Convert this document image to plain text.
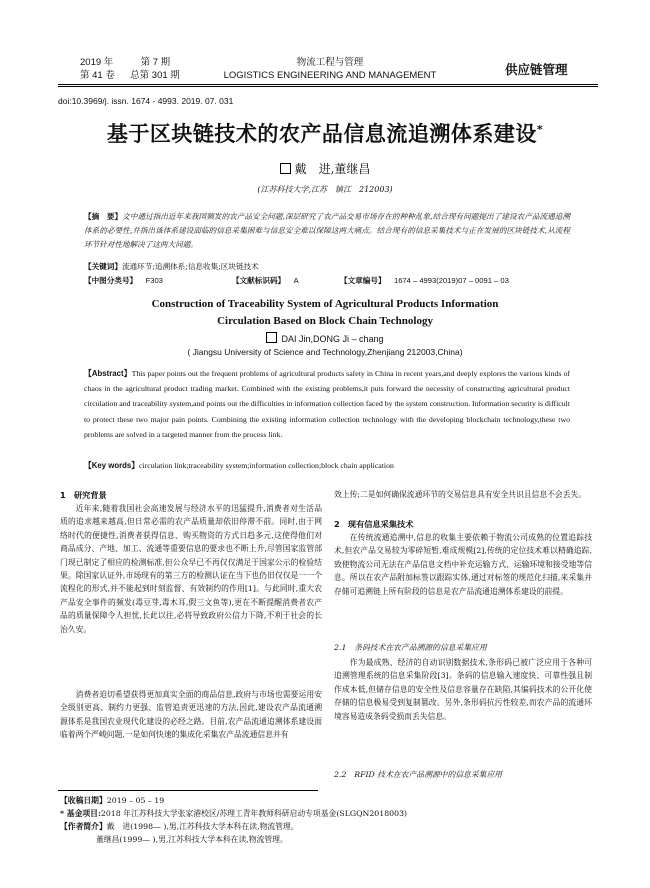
2019 年	第 7 期
第 41 卷 总第 301 期
物流工程与管理
LOGISTICS ENGINEERING AND MANAGEMENT	供应链管理
doi:10.3969/j. issn. 1674 - 4993. 2019. 07. 031
基于区块链技术的农产品信息流追溯体系建设*
戴　进,董继昌
(江苏科技大学,江苏　镇江　212003)
【摘　要】文中通过指出近年来我国频发的农产品安全问题,深层研究了农产品交易市场存在的种种乱象,结合现有问题提出了建设农产品流通追溯体系的必要性,并指出该体系建设面临的信息采集困难与信息安全难以保障这两大痛点。结合现有的信息采集技术与正在发展的区块链技术,从流程环节针对性地解决了这两大问题。
【关键词】流通环节;追溯体系;信息收集;区块链技术
【中图分类号】 F303	【文献标识码】 A	【文章编号】 1674 – 4993(2019)07 – 0091 – 03
Construction of Traceability System of Agricultural Products Information
Circulation Based on Block Chain Technology
DAI Jin,DONG Ji – chang
( Jiangsu University of Science and Technology,Zhenjiang 212003,China)
【Abstract】This paper points out the frequent problems of agricultural products safety in China in recent years,and deeply explores the various kinds of chaos in the agricultural product trading market. Combined with the existing problems,it puts forward the necessity of constructing agricultural product circulation and traceability system,and points out the difficulties in information collection faced by the system construction. Information security is difficult to protect these two major pain points. Combining the existing information collection technology with the developing blockchain technology,these two problems are solved in a targeted manner from the process link.
【Key words】circulation link;traceability system;information collection;block chain application
1　研究背景

近年来,随着我国社会高速发展与经济水平的迅猛提升,消费者对生活品质的追求越来越高,但日常必需的农产品质量却依旧停滞不前。同时,由于网络时代的便捷性,消费者获得信息、购买物资的方式日趋多元,这使得他们对商品成分、产地、加工、流通等重要信息的要求也不断上升,尽管国家监管部门现已制定了相应的检测标准,但公众早已不再仅仅满足于国家公示的检验结果。除国家认证外,市场现有的第三方的检测认证在当下也仍旧仅仅是一一个流程化的形式,并不能起到时刻监督、有效制约的作用[1]。与此同时,重大农产品安全事件的频发(毒豆芽,毒木耳,假三文鱼等),更在不断提醒消费者农产品的质量保障令人担忧,长此以往,必将导致政府公信力下降,不利于社会的长治久安。

消费者迫切希望获得更加真实全面的商品信息,政府与市场也需要运用安全级别更高、制约力更强、监管追责更迅速的方法,因此,建设农产品流通溯源体系是我国农业现代化建设的必经之路。目前,农产品流通追溯体系建设面临着两个严峻问题,一是如何快速的集成化采集农产品流通信息并有

效上传;二是如何确保流通环节的交易信息具有安全共识且信息不会丢失。
2　现有信息采集技术

在传统流通追溯中,信息的收集主要依赖于物流公司成熟的位置追踪技术,但农产品交易较为零碎短暂,难成规模[2],传统的定位技术难以精确追踪,致使物流公司无法在产品信息文档中补充运输方式、运输环境和接受地等信息。所以在农产品附加标签以跟踪实体,通过对标签的规范化扫描,来采集并存储可追溯链上所有阶段的信息是农产品流通追溯体系建设的前提。

2.1　条码技术在农产品溯源的信息采集应用

作为最成熟、经济的自动识别数据技术,条形码已被广泛应用于各种可追溯管理系统的信息采集阶段[3]。条码的信息输入速度快、可靠性强且制作成本低,但储存信息的安全性及信息容量存在缺陷,其编码技术的公开化使存储的信息极易受到复制篡改。另外,条形码抗污性较差,而农产品的流通环境容易造成条码受损而丢失信息。

2.2　RFID 技术在农产品溯源中的信息采集应用
【收稿日期】2019 – 05 – 19
* 基金项目:2018 年江苏科技大学张家港校区/苏理工青年教师科研启动专项基金(SLGQN2018003)
【作者简介】戴　进(1998— ),男,江苏科技大学本科在读,物流管理。
董继昌(1999— ),男,江苏科技大学本科在读,物流管理。
